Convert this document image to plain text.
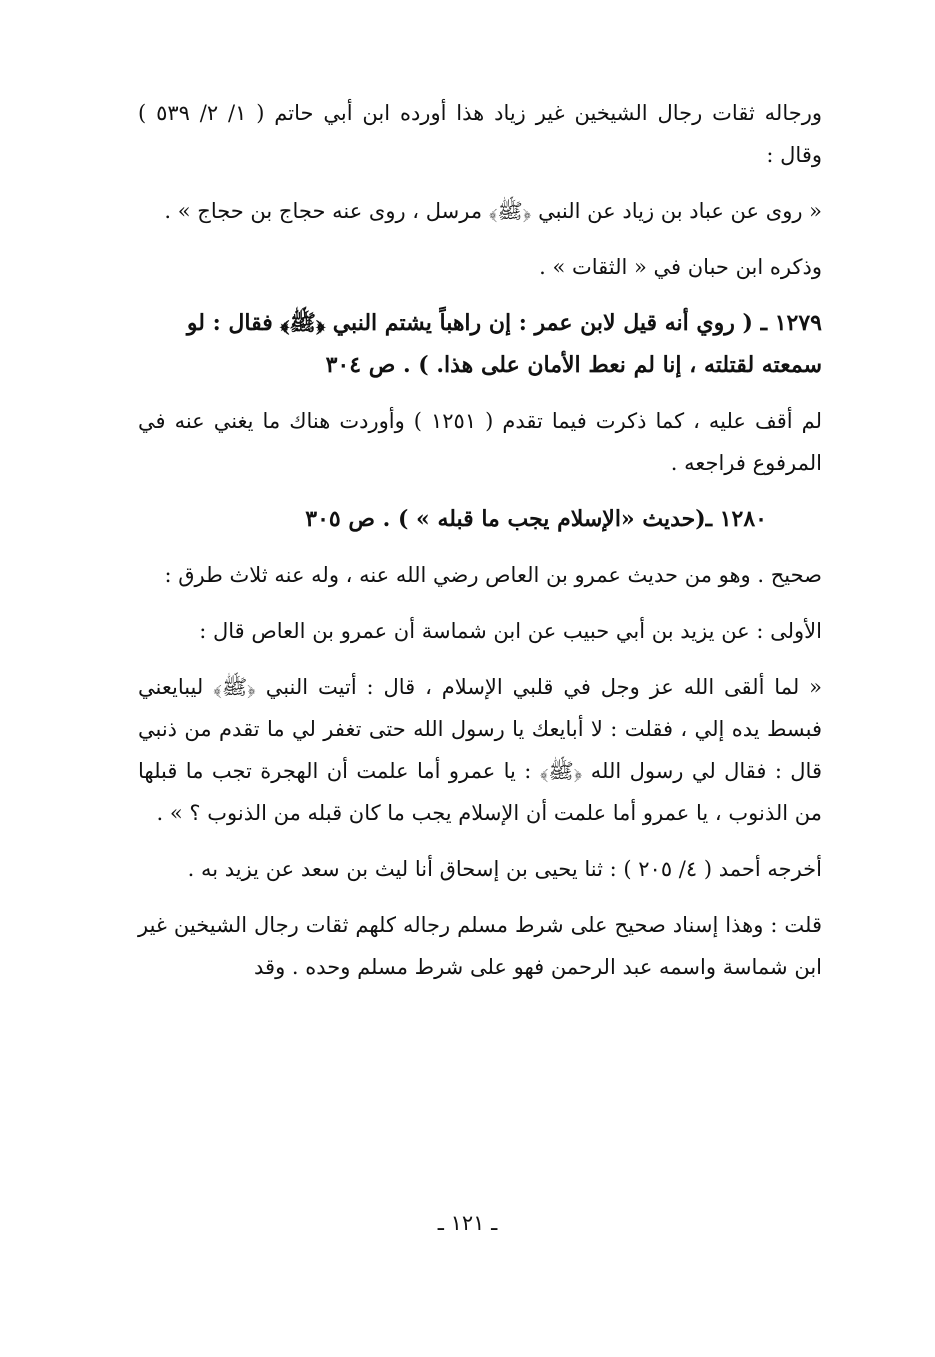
ورجاله ثقات رجال الشيخين غير زياد هذا أورده ابن أبي حاتم ( ١/ ٢/ ٥٣٩ ) وقال :

« روى عن عباد بن زياد عن النبي ﴿ﷺ﴾ مرسل ، روى عنه حجاج بن حجاج » .

وذكره ابن حبان في « الثقات » .

١٢٧٩ ـ ( روي أنه قيل لابن عمر : إن راهباً يشتم النبي ﴿ﷺ﴾ فقال : لو سمعته لقتلته ، إنا لم نعط الأمان على هذا. ) . ص ٣٠٤

لم أقف عليه ، كما ذكرت فيما تقدم ( ١٢٥١ ) وأوردت هناك ما يغني عنه في المرفوع فراجعه .

١٢٨٠ ـ(حديث «الإسلام يجب ما قبله » ) . ص ٣٠٥

صحيح . وهو من حديث عمرو بن العاص رضي الله عنه ، وله عنه ثلاث طرق :

الأولى : عن يزيد بن أبي حبيب عن ابن شماسة أن عمرو بن العاص قال :

« لما ألقى الله عز وجل في قلبي الإسلام ، قال : أتيت النبي ﴿ﷺ﴾ ليبايعني فبسط يده إلي ، فقلت : لا أبايعك يا رسول الله حتى تغفر لي ما تقدم من ذنبي قال : فقال لي رسول الله ﴿ﷺ﴾ : يا عمرو أما علمت أن الهجرة تجب ما قبلها من الذنوب ، يا عمرو أما علمت أن الإسلام يجب ما كان قبله من الذنوب ؟ » .

أخرجه أحمد ( ٤/ ٢٠٥ ) : ثنا يحيى بن إسحاق أنا ليث بن سعد عن يزيد به .

قلت : وهذا إسناد صحيح على شرط مسلم رجاله كلهم ثقات رجال الشيخين غير ابن شماسة واسمه عبد الرحمن فهو على شرط مسلم وحده . وقد

ـ ١٢١ ـ
